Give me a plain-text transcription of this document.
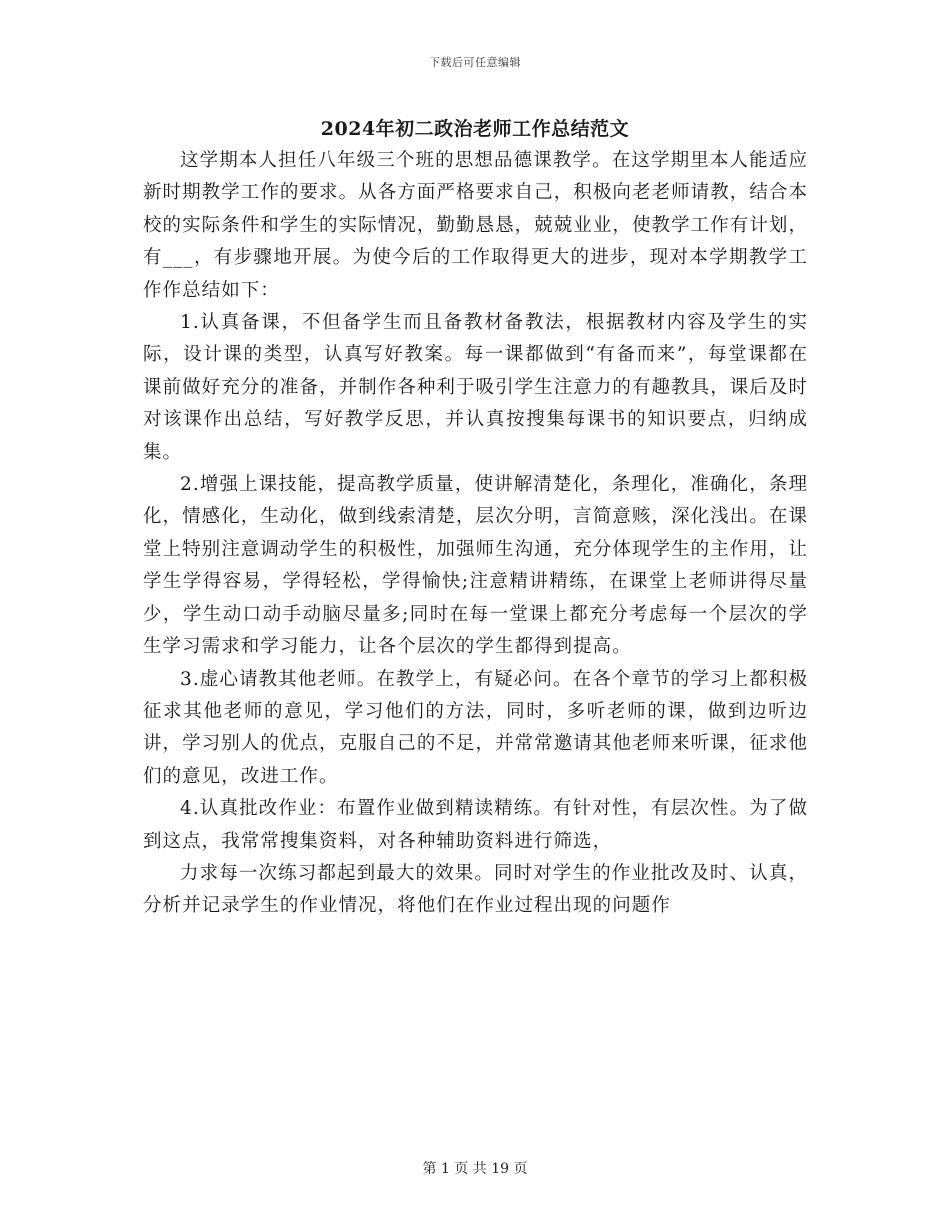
下载后可任意编辑
2024年初二政治老师工作总结范文

这学期本人担任八年级三个班的思想品德课教学。在这学期里本人能适应新时期教学工作的要求。从各方面严格要求自己，积极向老老师请教，结合本校的实际条件和学生的实际情况，勤勤恳恳，兢兢业业，使教学工作有计划，有___，有步骤地开展。为使今后的工作取得更大的进步，现对本学期教学工作作总结如下：

1.认真备课，不但备学生而且备教材备教法，根据教材内容及学生的实际，设计课的类型，认真写好教案。每一课都做到“有备而来”，每堂课都在课前做好充分的准备，并制作各种利于吸引学生注意力的有趣教具，课后及时对该课作出总结，写好教学反思，并认真按搜集每课书的知识要点，归纳成集。

2.增强上课技能，提高教学质量，使讲解清楚化，条理化，准确化，条理化，情感化，生动化，做到线索清楚，层次分明，言简意赅，深化浅出。在课堂上特别注意调动学生的积极性，加强师生沟通，充分体现学生的主作用，让学生学得容易，学得轻松，学得愉快;注意精讲精练，在课堂上老师讲得尽量少，学生动口动手动脑尽量多;同时在每一堂课上都充分考虑每一个层次的学生学习需求和学习能力，让各个层次的学生都得到提高。

3.虚心请教其他老师。在教学上，有疑必问。在各个章节的学习上都积极征求其他老师的意见，学习他们的方法，同时，多听老师的课，做到边听边讲，学习别人的优点，克服自己的不足，并常常邀请其他老师来听课，征求他们的意见，改进工作。

4.认真批改作业：布置作业做到精读精练。有针对性，有层次性。为了做到这点，我常常搜集资料，对各种辅助资料进行筛选，

力求每一次练习都起到最大的效果。同时对学生的作业批改及时、认真，分析并记录学生的作业情况，将他们在作业过程出现的问题作

第 1 页 共 19 页
